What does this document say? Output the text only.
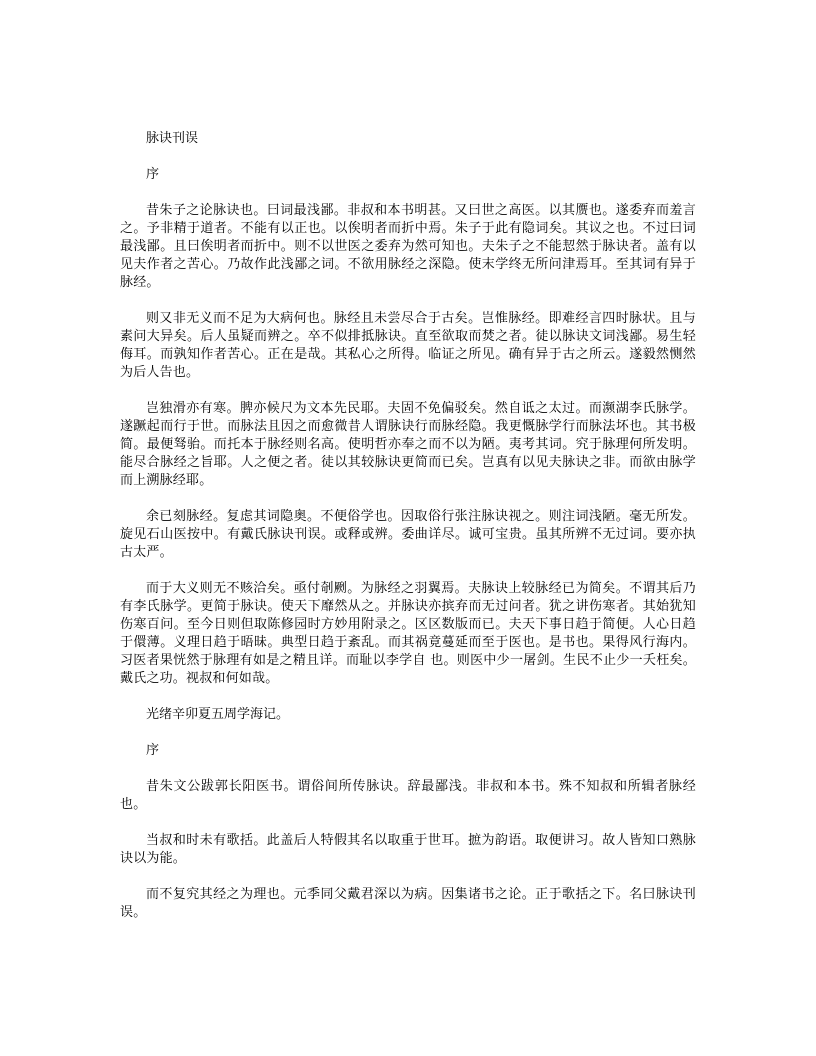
脉诀刊误

序

昔朱子之论脉诀也。曰词最浅鄙。非叔和本书明甚。又曰世之高医。以其赝也。遂委弃而羞言之。予非精于道者。不能有以正也。以俟明者而折中焉。朱子于此有隐词矣。其议之也。不过曰词最浅鄙。且曰俟明者而折中。则不以世医之委弃为然可知也。夫朱子之不能恝然于脉诀者。盖有以见夫作者之苦心。乃故作此浅鄙之词。不欲用脉经之深隐。使末学终无所问津焉耳。至其词有异于脉经。

则又非无义而不足为大病何也。脉经且未尝尽合于古矣。岂惟脉经。即难经言四时脉状。且与素问大异矣。后人虽疑而辨之。卒不似排抵脉诀。直至欲取而焚之者。徒以脉诀文词浅鄙。易生轻侮耳。而孰知作者苦心。正在是哉。其私心之所得。临证之所见。确有异于古之所云。遂毅然恻然为后人告也。

岂独滑亦有寒。脾亦候尺为文本先民耶。夫固不免偏驳矣。然自诋之太过。而濒湖李氏脉学。遂蹶起而行于世。而脉法且因之而愈微昔人谓脉诀行而脉经隐。我更慨脉学行而脉法坏也。其书极简。最便驽骀。而托本于脉经则名高。使明哲亦奉之而不以为陋。夷考其词。究于脉理何所发明。能尽合脉经之旨耶。人之便之者。徒以其较脉诀更简而已矣。岂真有以见夫脉诀之非。而欲由脉学而上溯脉经耶。

余已刻脉经。复虑其词隐奥。不便俗学也。因取俗行张注脉诀视之。则注词浅陋。毫无所发。旋见石山医按中。有戴氏脉诀刊误。或释或辨。委曲详尽。诚可宝贵。虽其所辨不无过词。要亦执古太严。

而于大义则无不赅洽矣。亟付剞劂。为脉经之羽翼焉。夫脉诀上较脉经已为简矣。不谓其后乃有李氏脉学。更简于脉诀。使天下靡然从之。并脉诀亦摈弃而无过问者。犹之讲伤寒者。其始犹知伤寒百问。至今日则但取陈修园时方妙用附录之。区区数版而已。夫天下事日趋于简便。人心日趋于儇薄。义理日趋于晤昧。典型日趋于紊乱。而其祸竟蔓延而至于医也。是书也。果得风行海内。习医者果恍然于脉理有如是之精且详。而耻以李学自 也。则医中少一屠剑。生民不止少一夭枉矣。戴氏之功。视叔和何如哉。

光绪辛卯夏五周学海记。

序

昔朱文公跋郭长阳医书。谓俗间所传脉诀。辞最鄙浅。非叔和本书。殊不知叔和所辑者脉经也。

当叔和时未有歌括。此盖后人特假其名以取重于世耳。摭为韵语。取便讲习。故人皆知口熟脉诀以为能。

而不复究其经之为理也。元季同父戴君深以为病。因集诸书之论。正于歌括之下。名曰脉诀刊误。
